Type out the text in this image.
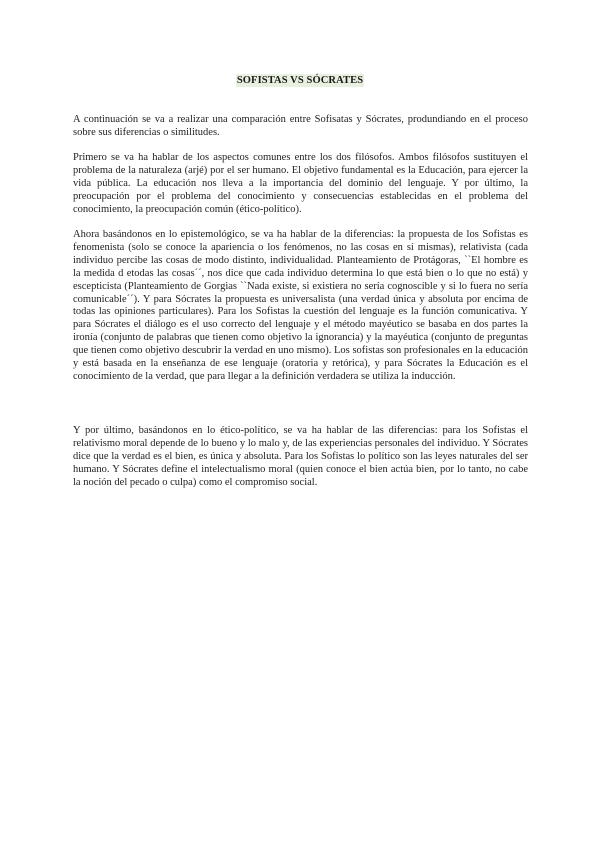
SOFISTAS VS SÓCRATES

A continuación se va a realizar una comparación entre Sofisatas y Sócrates, produndiando en el proceso sobre sus diferencias o similitudes.

Primero se va ha hablar de los aspectos comunes entre los dos filósofos. Ambos filósofos sustituyen el problema de la naturaleza (arjé) por el ser humano. El objetivo fundamental es la Educación, para ejercer la vida pública. La educación nos lleva a la importancia del dominio del lenguaje. Y por último, la preocupación por el problema del conocimiento y consecuencias establecidas en el problema del conocimiento, la preocupación común (ético-político).

Ahora basándonos en lo epistemológico, se va ha hablar de la diferencias: la propuesta de los Sofistas es fenomenista (solo se conoce la apariencia o los fenómenos, no las cosas en sí mismas), relativista (cada individuo percibe las cosas de modo distinto, individualidad. Planteamiento de Protágoras, ``El hombre es la medida d etodas las cosas´´, nos dice que cada individuo determina lo que está bien o lo que no está) y escepticista (Planteamiento de Gorgias ``Nada existe, si existiera no sería cognoscible y si lo fuera no sería comunicable´´). Y para Sócrates la propuesta es universalista (una verdad única y absoluta por encima de todas las opiniones particulares). Para los Sofistas la cuestión del lenguaje es la función comunicativa. Y para Sócrates el diálogo es el uso correcto del lenguaje y el método mayéutico se basaba en dos partes la ironía (conjunto de palabras que tienen como objetivo la ignorancia) y la mayéutica (conjunto de preguntas que tienen como objetivo descubrir la verdad en uno mismo). Los sofistas son profesionales en la educación y está basada en la enseñanza de ese lenguaje (oratoria y retórica), y para Sócrates la Educación es el conocimiento de la verdad, que para llegar a la definición verdadera se utiliza la inducción.

Y por último, basándonos en lo ético-político, se va ha hablar de las diferencias: para los Sofistas el relativismo moral depende de lo bueno y lo malo y, de las experiencias personales del individuo. Y Sócrates dice que la verdad es el bien, es única y absoluta. Para los Sofistas lo político son las leyes naturales del ser humano. Y Sócrates define el intelectualismo moral (quien conoce el bien actúa bien, por lo tanto, no cabe la noción del pecado o culpa) como el compromiso social.
